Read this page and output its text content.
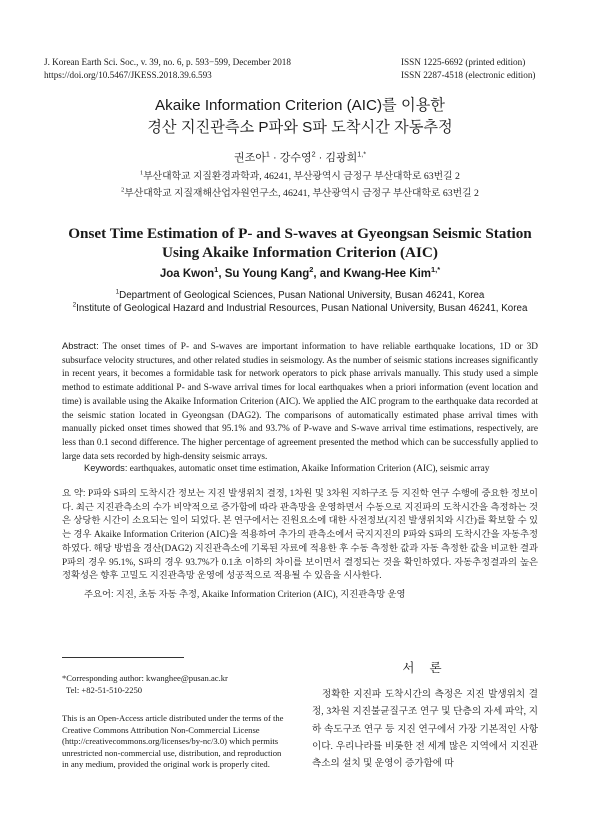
J. Korean Earth Sci. Soc., v. 39, no. 6, p. 593−599, December 2018
https://doi.org/10.5467/JKESS.2018.39.6.593
ISSN 1225-6692 (printed edition)
ISSN 2287-4518 (electronic edition)
Akaike Information Criterion (AIC)를 이용한
경산 지진관측소 P파와 S파 도착시간 자동추정
권조아$^1$ · 강수영$^2$ · 김광희$^{1,*}$
$^1$부산대학교 지질환경과학과, 46241, 부산광역시 금정구 부산대학로 63번길 2
$^2$부산대학교 지질재해산업자원연구소, 46241, 부산광역시 금정구 부산대학로 63번길 2
Onset Time Estimation of P- and S-waves at Gyeongsan Seismic Station
Using Akaike Information Criterion (AIC)
Joa Kwon$^1$, Su Young Kang$^2$, and Kwang-Hee Kim$^{1,*}$
$^1$Department of Geological Sciences, Pusan National University, Busan 46241, Korea
$^2$Institute of Geological Hazard and Industrial Resources, Pusan National University, Busan 46241, Korea
Abstract: The onset times of P- and S-waves are important information to have reliable earthquake locations, 1D or 3D subsurface velocity structures, and other related studies in seismology. As the number of seismic stations increases significantly in recent years, it becomes a formidable task for network operators to pick phase arrivals manually. This study used a simple method to estimate additional P- and S-wave arrival times for local earthquakes when a priori information (event location and time) is available using the Akaike Information Criterion (AIC). We applied the AIC program to the earthquake data recorded at the seismic station located in Gyeongsan (DAG2). The comparisons of automatically estimated phase arrival times with manually picked onset times showed that 95.1% and 93.7% of P-wave and S-wave arrival time estimations, respectively, are less than 0.1 second difference. The higher percentage of agreement presented the method which can be successfully applied to large data sets recorded by high-density seismic arrays.
Keywords: earthquakes, automatic onset time estimation, Akaike Information Criterion (AIC), seismic array
요 약: P파와 S파의 도착시간 정보는 지진 발생위치 결정, 1차원 및 3차원 지하구조 등 지진학 연구 수행에 중요한 정보이다. 최근 지진관측소의 수가 비약적으로 증가함에 따라 관측망을 운영하면서 수동으로 지진파의 도착시간을 측정하는 것은 상당한 시간이 소요되는 일이 되었다. 본 연구에서는 진원요소에 대한 사전정보(지진 발생위치와 시간)를 확보할 수 있는 경우 Akaike Information Criterion (AIC)을 적용하여 추가의 관측소에서 국지지진의 P파와 S파의 도착시간을 자동추정하였다. 해당 방법을 경산(DAG2) 지진관측소에 기록된 자료에 적용한 후 수동 측정한 값과 자동 측정한 값을 비교한 결과 P파의 경우 95.1%, S파의 경우 93.7%가 0.1초 이하의 차이를 보이면서 결정되는 것을 확인하였다. 자동추정결과의 높은 정확성은 향후 고밀도 지진관측망 운영에 성공적으로 적용될 수 있음을 시사한다.
주요어: 지진, 초동 자동 추정, Akaike Information Criterion (AIC), 지진관측망 운영
*Corresponding author: kwanghee@pusan.ac.kr
Tel: +82-51-510-2250
This is an Open-Access article distributed under the terms of the Creative Commons Attribution Non-Commercial License (http://creativecommons.org/licenses/by-nc/3.0) which permits unrestricted non-commercial use, distribution, and reproduction in any medium, provided the original work is properly cited.
서 론
정확한 지진파 도착시간의 측정은 지진 발생위치 결정, 3차원 지진불균질구조 연구 및 단층의 자세 파악, 지하 속도구조 연구 등 지진 연구에서 가장 기본적인 사항이다. 우리나라를 비롯한 전 세계 많은 지역에서 지진관측소의 설치 및 운영이 증가함에 따
